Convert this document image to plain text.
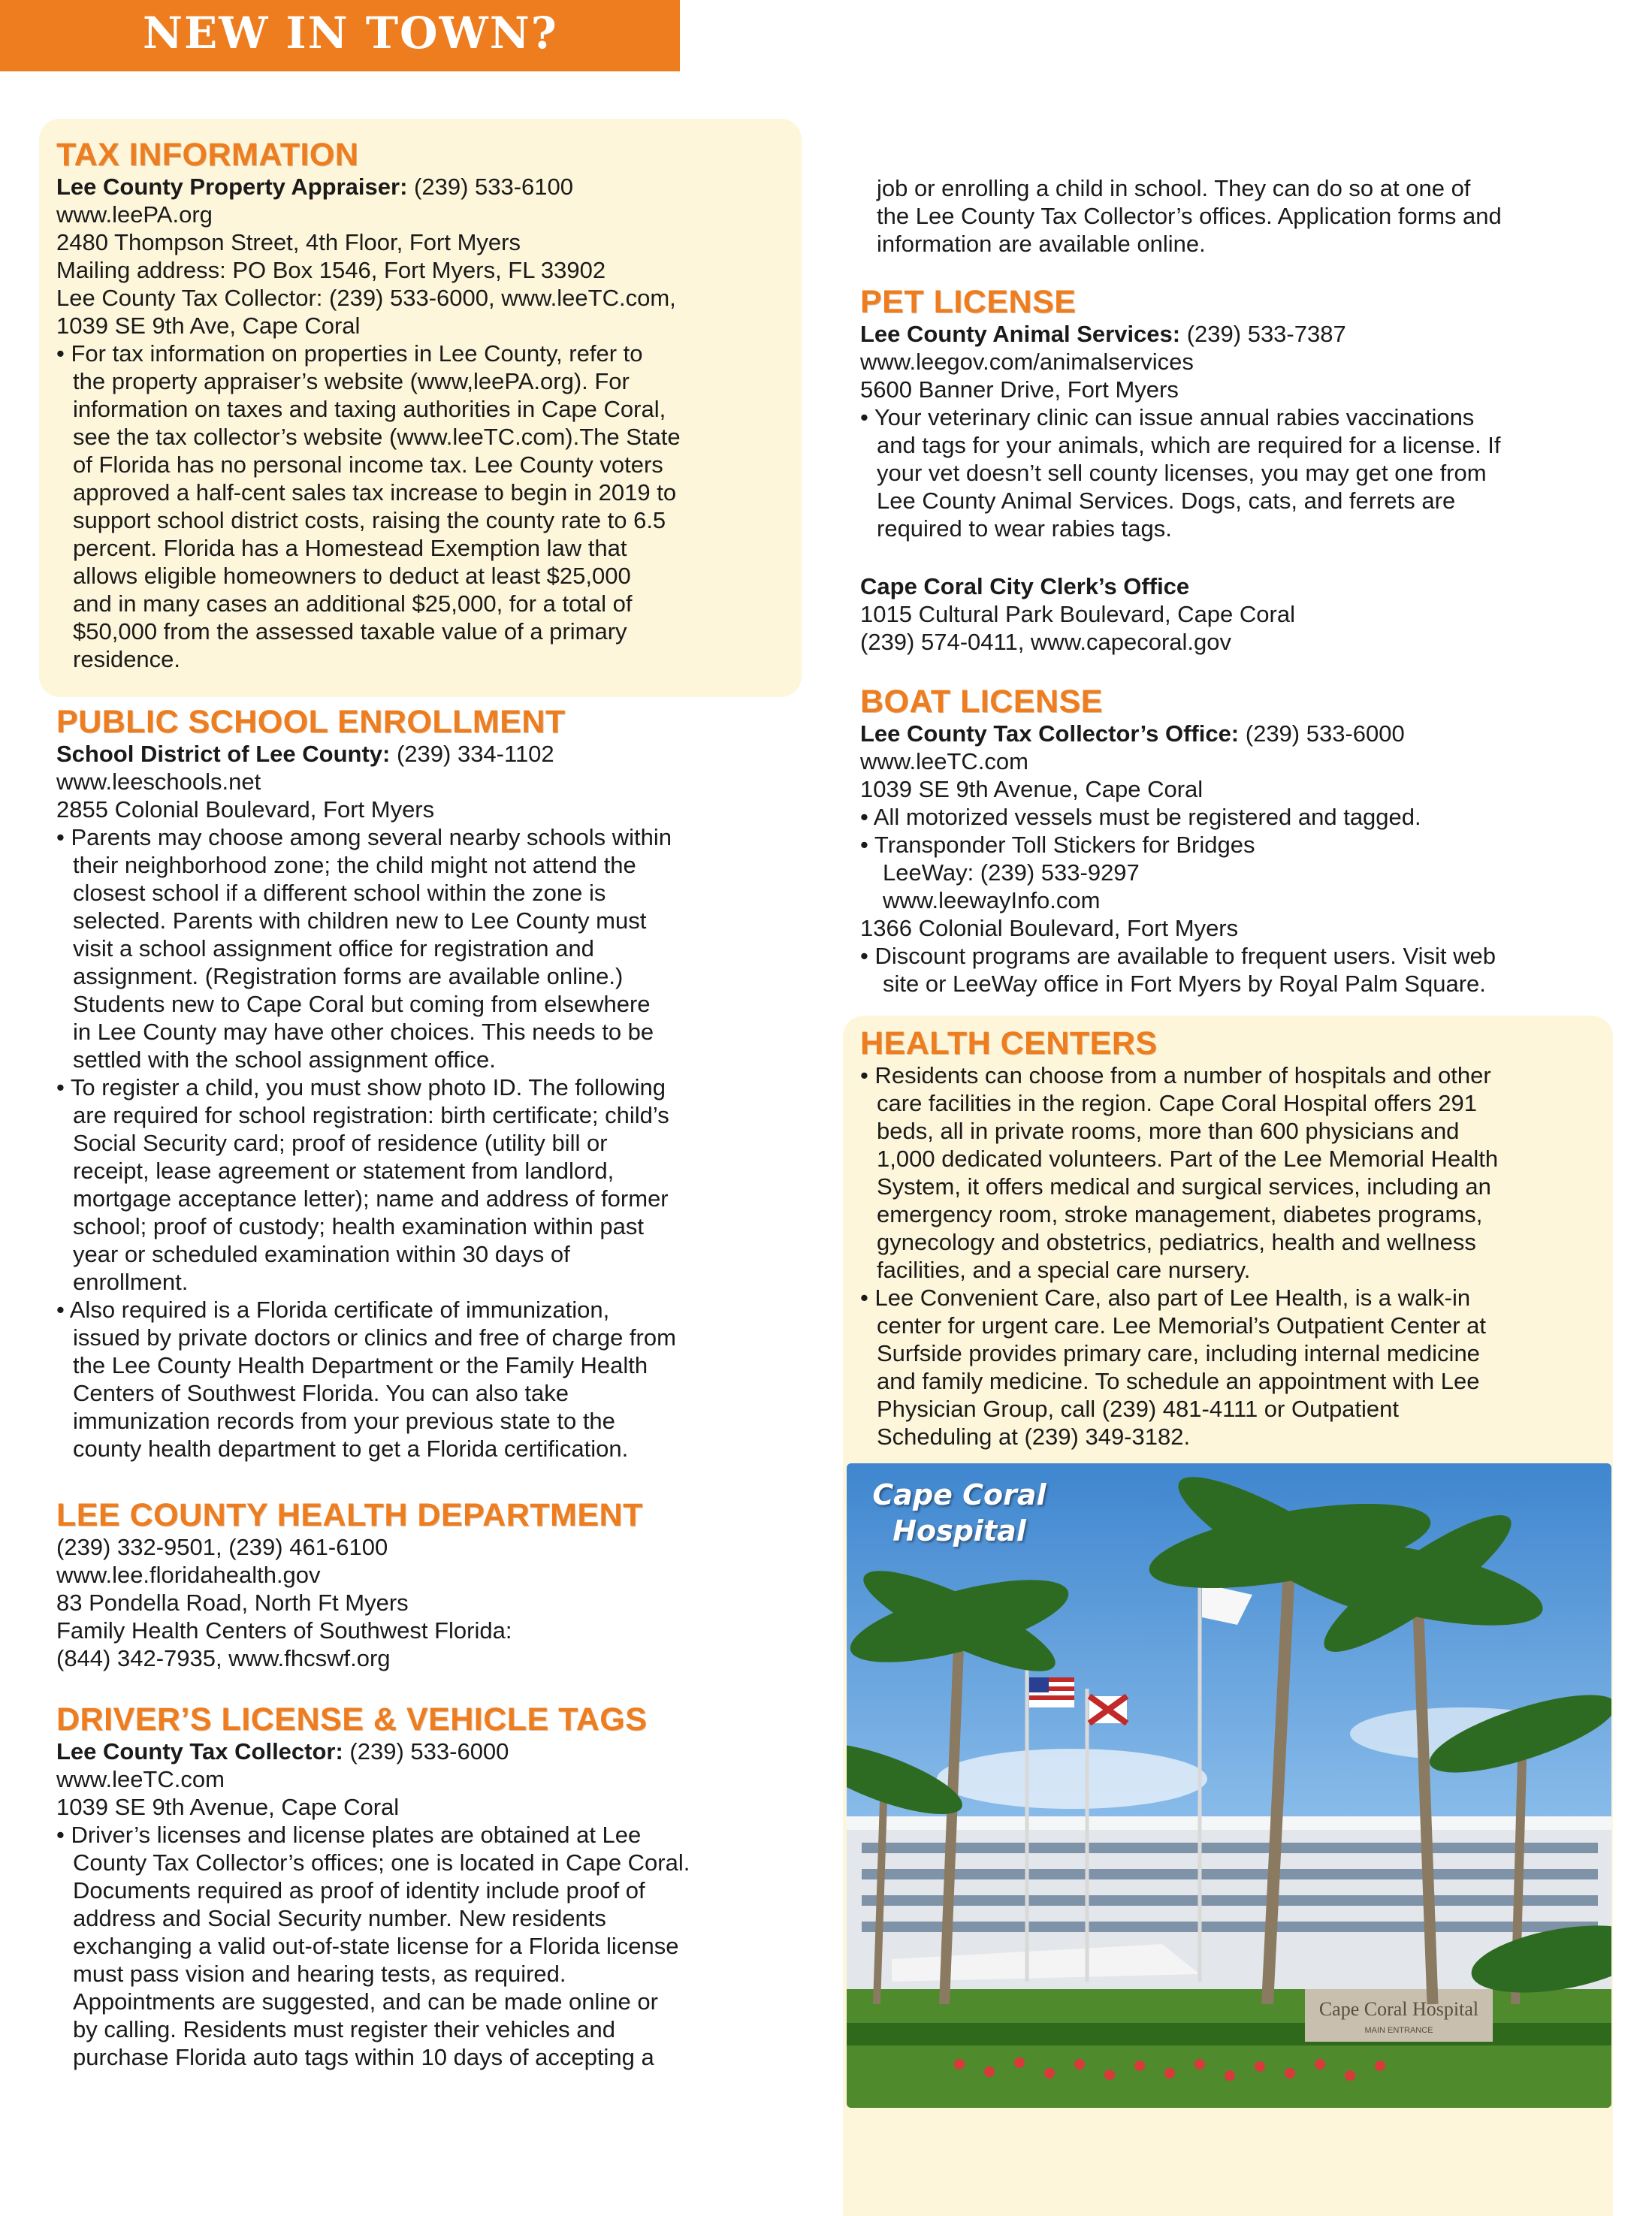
NEW IN TOWN?
TAX INFORMATION
Lee County Property Appraiser: (239) 533-6100
www.leePA.org
2480 Thompson Street, 4th Floor, Fort Myers
Mailing address: PO Box 1546, Fort Myers, FL 33902
Lee County Tax Collector: (239) 533-6000, www.leeTC.com,
1039 SE 9th Ave, Cape Coral
• For tax information on properties in Lee County, refer to
the property appraiser’s website (www,leePA.org). For
information on taxes and taxing authorities in Cape Coral,
see the tax collector’s website (www.leeTC.com).The State
of Florida has no personal income tax. Lee County voters
approved a half-cent sales tax increase to begin in 2019 to
support school district costs, raising the county rate to 6.5
percent. Florida has a Homestead Exemption law that
allows eligible homeowners to deduct at least $25,000
and in many cases an additional $25,000, for a total of
$50,000 from the assessed taxable value of a primary
residence.
PUBLIC SCHOOL ENROLLMENT
School District of Lee County: (239) 334-1102
www.leeschools.net
2855 Colonial Boulevard, Fort Myers
• Parents may choose among several nearby schools within
their neighborhood zone; the child might not attend the
closest school if a different school within the zone is
selected. Parents with children new to Lee County must
visit a school assignment office for registration and
assignment. (Registration forms are available online.)
Students new to Cape Coral but coming from elsewhere
in Lee County may have other choices. This needs to be
settled with the school assignment office.
• To register a child, you must show photo ID. The following
are required for school registration: birth certificate; child’s
Social Security card; proof of residence (utility bill or
receipt, lease agreement or statement from landlord,
mortgage acceptance letter); name and address of former
school; proof of custody; health examination within past
year or scheduled examination within 30 days of
enrollment.
• Also required is a Florida certificate of immunization,
issued by private doctors or clinics and free of charge from
the Lee County Health Department or the Family Health
Centers of Southwest Florida. You can also take
immunization records from your previous state to the
county health department to get a Florida certification.
LEE COUNTY HEALTH DEPARTMENT
(239) 332-9501, (239) 461-6100
www.lee.floridahealth.gov
83 Pondella Road, North Ft Myers
Family Health Centers of Southwest Florida:
(844) 342-7935, www.fhcswf.org
DRIVER’S LICENSE & VEHICLE TAGS
Lee County Tax Collector: (239) 533-6000
www.leeTC.com
1039 SE 9th Avenue, Cape Coral
• Driver’s licenses and license plates are obtained at Lee
County Tax Collector’s offices; one is located in Cape Coral.
Documents required as proof of identity include proof of
address and Social Security number. New residents
exchanging a valid out-of-state license for a Florida license
must pass vision and hearing tests, as required.
Appointments are suggested, and can be made online or
by calling. Residents must register their vehicles and
purchase Florida auto tags within 10 days of accepting a
job or enrolling a child in school. They can do so at one of
the Lee County Tax Collector’s offices. Application forms and
information are available online.
PET LICENSE
Lee County Animal Services: (239) 533-7387
www.leegov.com/animalservices
5600 Banner Drive, Fort Myers
• Your veterinary clinic can issue annual rabies vaccinations
and tags for your animals, which are required for a license. If
your vet doesn’t sell county licenses, you may get one from
Lee County Animal Services. Dogs, cats, and ferrets are
required to wear rabies tags.
Cape Coral City Clerk’s Office
1015 Cultural Park Boulevard, Cape Coral
(239) 574-0411, www.capecoral.gov
BOAT LICENSE
Lee County Tax Collector’s Office: (239) 533-6000
www.leeTC.com
1039 SE 9th Avenue, Cape Coral
• All motorized vessels must be registered and tagged.
• Transponder Toll Stickers for Bridges
LeeWay: (239) 533-9297
www.leewayInfo.com
1366 Colonial Boulevard, Fort Myers
• Discount programs are available to frequent users. Visit web
site or LeeWay office in Fort Myers by Royal Palm Square.
HEALTH CENTERS
• Residents can choose from a number of hospitals and other
care facilities in the region. Cape Coral Hospital offers 291
beds, all in private rooms, more than 600 physicians and
1,000 dedicated volunteers. Part of the Lee Memorial Health
System, it offers medical and surgical services, including an
emergency room, stroke management, diabetes programs,
gynecology and obstetrics, pediatrics, health and wellness
facilities, and a special care nursery.
• Lee Convenient Care, also part of Lee Health, is a walk-in
center for urgent care. Lee Memorial’s Outpatient Center at
Surfside provides primary care, including internal medicine
and family medicine. To schedule an appointment with Lee
Physician Group, call (239) 481-4111 or Outpatient
Scheduling at (239) 349-3182.
Cape Coral Hospital
MAIN ENTRANCE
Cape Coral
Hospital
